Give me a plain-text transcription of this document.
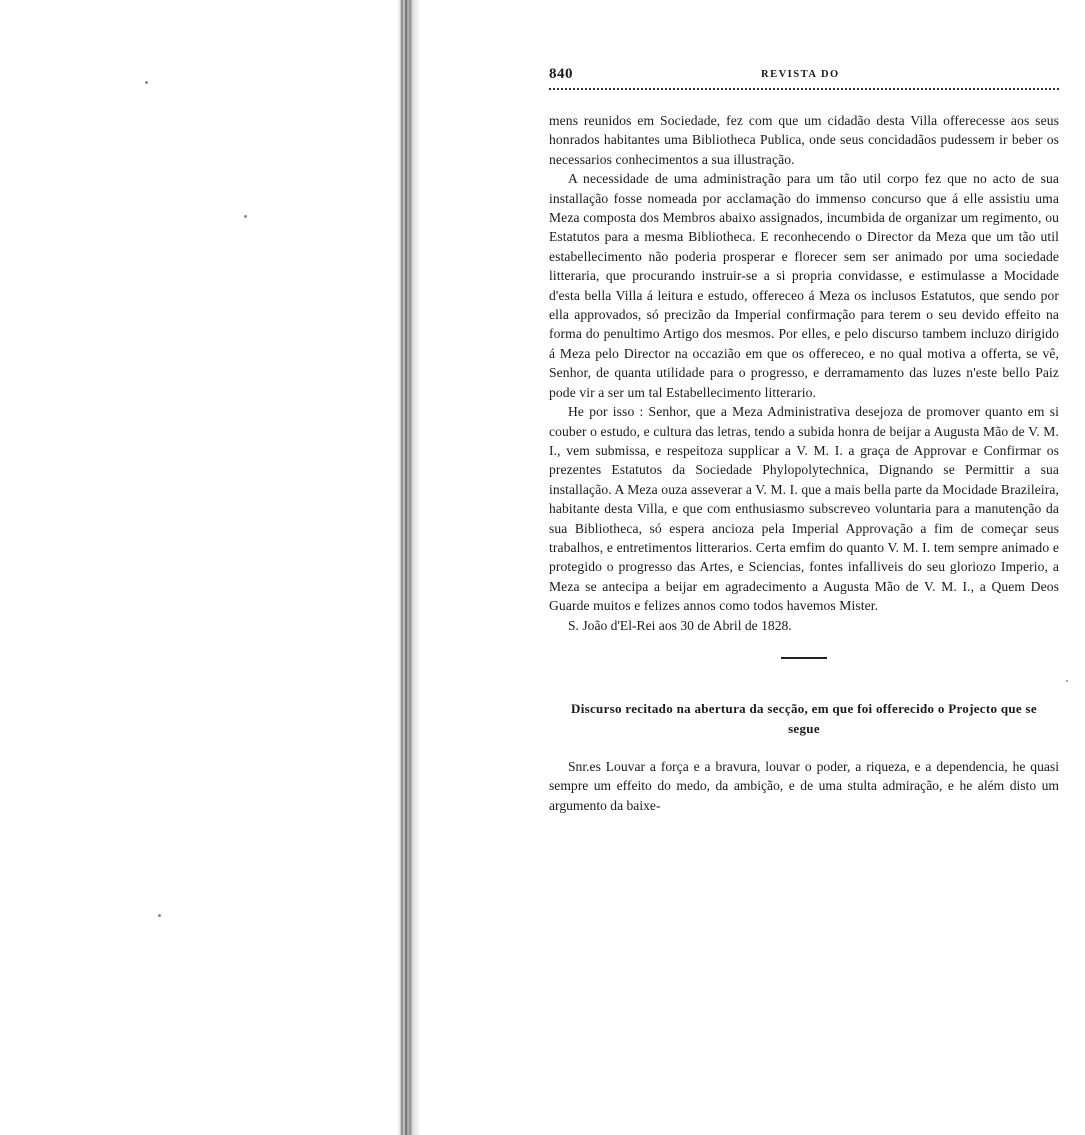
840	REVISTA DO

mens reunidos em Sociedade, fez com que um cidadão desta Villa offerecesse aos seus honrados habitantes uma Bibliotheca Publica, onde seus concidadãos pudessem ir beber os necessarios conhecimentos a sua illustração.

A necessidade de uma administração para um tão util corpo fez que no acto de sua installação fosse nomeada por acclamação do immenso concurso que á elle assistiu uma Meza composta dos Membros abaixo assignados, incumbida de organizar um regimento, ou Estatutos para a mesma Bibliotheca. E reconhecendo o Director da Meza que um tão util estabellecimento não poderia prosperar e florecer sem ser animado por uma sociedade litteraria, que procurando instruir-se a si propria convidasse, e estimulasse a Mocidade d'esta bella Villa á leitura e estudo, offereceo á Meza os inclusos Estatutos, que sendo por ella approvados, só precizão da Imperial confirmação para terem o seu devido effeito na forma do penultimo Artigo dos mesmos. Por elles, e pelo discurso tambem incluzo dirigido á Meza pelo Director na occazião em que os offereceo, e no qual motiva a offerta, se vê, Senhor, de quanta utilidade para o progresso, e derramamento das luzes n'este bello Paiz pode vir a ser um tal Estabellecimento litterario.

He por isso : Senhor, que a Meza Administrativa desejoza de promover quanto em si couber o estudo, e cultura das letras, tendo a subida honra de beijar a Augusta Mão de V. M. I., vem submissa, e respeitoza supplicar a V. M. I. a graça de Approvar e Confirmar os prezentes Estatutos da Sociedade Phylopolytechnica, Dignando se Permittir a sua installação. A Meza ouza asseverar a V. M. I. que a mais bella parte da Mocidade Brazileira, habitante desta Villa, e que com enthusiasmo subscreveo voluntaria para a manutenção da sua Bibliotheca, só espera ancioza pela Imperial Approvação a fim de começar seus trabalhos, e entretimentos litterarios. Certa emfim do quanto V. M. I. tem sempre animado e protegido o progresso das Artes, e Sciencias, fontes infalliveis do seu gloriozo Imperio, a Meza se antecipa a beijar em agradecimento a Augusta Mão de V. M. I., a Quem Deos Guarde muitos e felizes annos como todos havemos Mister.

S. João d'El-Rei aos 30 de Abril de 1828.

Discurso recitado na abertura da secção, em que foi offerecido o Projecto que se segue

Snr.es Louvar a força e a bravura, louvar o poder, a riqueza, e a dependencia, he quasi sempre um effeito do medo, da ambição, e de uma stulta admiração, e he além disto um argumento da baixe-
